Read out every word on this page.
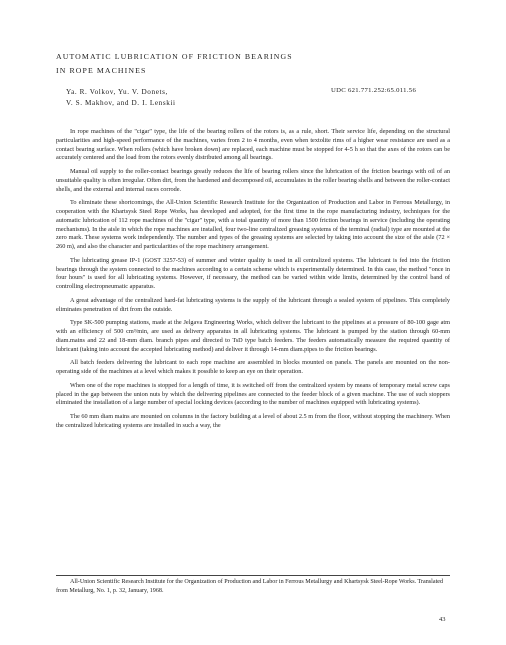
AUTOMATIC LUBRICATION OF FRICTION BEARINGS
IN ROPE MACHINES
Ya. R. Volkov, Yu. V. Donets,
V. S. Makhov, and D. I. Lenskii
UDC 621.771.252:65.011.56

In rope machines of the "cigar" type, the life of the bearing rollers of the rotors is, as a rule, short. Their service life, depending on the structural particularities and high-speed performance of the machines, varies from 2 to 4 months, even when textolite rims of a higher wear resistance are used as a contact bearing surface. When rollers (which have broken down) are replaced, each machine must be stopped for 4-5 h so that the axes of the rotors can be accurately centered and the load from the rotors evenly distributed among all bearings.

Manual oil supply to the roller-contact bearings greatly reduces the life of bearing rollers since the lubrication of the friction bearings with oil of an unsuitable quality is often irregular. Often dirt, from the hardened and decomposed oil, accumulates in the roller bearing shells and between the roller-contact shells, and the external and internal races corrode.

To eliminate these shortcomings, the All-Union Scientific Research Institute for the Organization of Production and Labor in Ferrous Metallurgy, in cooperation with the Khartsysk Steel Rope Works, has developed and adopted, for the first time in the rope manufacturing industry, techniques for the automatic lubrication of 112 rope machines of the "cigar" type, with a total quantity of more than 1500 friction bearings in service (including the operating mechanisms). In the aisle in which the rope machines are installed, four two-line centralized greasing systems of the terminal (radial) type are mounted at the zero mark. These systems work independently. The number and types of the greasing systems are selected by taking into account the size of the aisle (72 × 260 m), and also the character and particularities of the rope machinery arrangement.

The lubricating grease IP-1 (GOST 3257-53) of summer and winter quality is used in all centralized systems. The lubricant is fed into the friction bearings through the system connected to the machines according to a certain scheme which is experimentally determined. In this case, the method "once in four hours" is used for all lubricating systems. However, if necessary, the method can be varied within wide limits, determined by the control band of controlling electropneumatic apparatus.

A great advantage of the centralized hard-fat lubricating systems is the supply of the lubricant through a sealed system of pipelines. This completely eliminates penetration of dirt from the outside.

Type SK-500 pumping stations, made at the Jelgava Engineering Works, which deliver the lubricant to the pipelines at a pressure of 80-100 gage atm with an efficiency of 500 cm³/min, are used as delivery apparatus in all lubricating systems. The lubricant is pumped by the station through 60-mm diam.mains and 22 and 18-mm diam. branch pipes and directed to TsD type batch feeders. The feeders automatically measure the required quantity of lubricant (taking into account the accepted lubricating method) and deliver it through 14-mm diam.pipes to the friction bearings.

All batch feeders delivering the lubricant to each rope machine are assembled in blocks mounted on panels. The panels are mounted on the non-operating side of the machines at a level which makes it possible to keep an eye on their operation.

When one of the rope machines is stopped for a length of time, it is switched off from the centralized system by means of temporary metal screw caps placed in the gap between the union nuts by which the delivering pipelines are connected to the feeder block of a given machine. The use of such stoppers eliminated the installation of a large number of special locking devices (according to the number of machines equipped with lubricating systems).

The 60 mm diam mains are mounted on columns in the factory building at a level of about 2.5 m from the floor, without stopping the machinery. When the centralized lubricating systems are installed in such a way, the

All-Union Scientific Research Institute for the Organization of Production and Labor in Ferrous Metallurgy and Khartsysk Steel-Rope Works. Translated from Metallurg, No. 1, p. 32, January, 1968.
43
